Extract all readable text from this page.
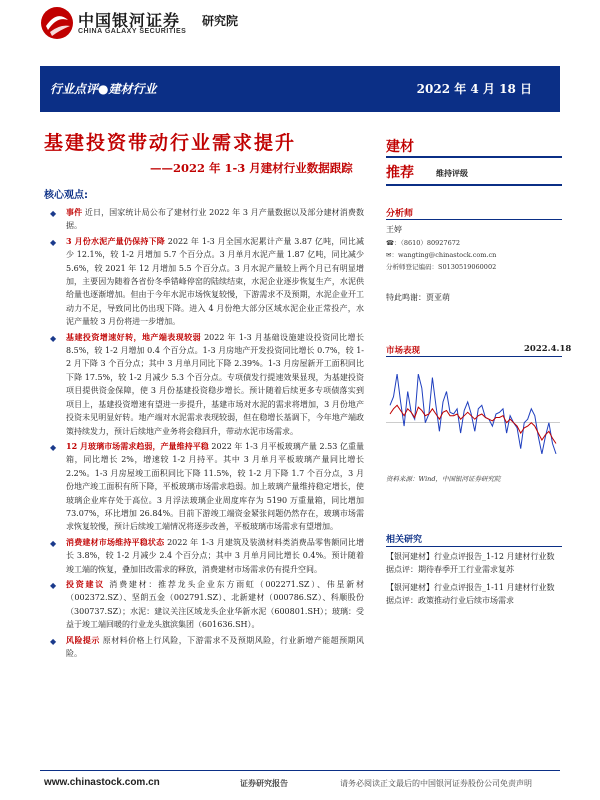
中国银河证券
CHINA GALAXY SECURITIES
研究院
行业点评●建材行业	2022 年 4 月 18 日
基建投资带动行业需求提升
——2022 年 1-3 月建材行业数据跟踪
建材
推荐	维持评级
核心观点:
◆ 事件 近日，国家统计局公布了建材行业 2022 年 3 月产量数据以及部分建材消费数据。
◆ 3 月份水泥产量仍保持下降 2022 年 1-3 月全国水泥累计产量 3.87 亿吨，同比减少 12.1%，较 1-2 月增加 5.7 个百分点。3 月单月水泥产量 1.87 亿吨，同比减少 5.6%，较 2021 年 12 月增加 5.5 个百分点。3 月水泥产量较上两个月已有明显增加，主要因为随着各省份冬季错峰停窑的陆续结束，水泥企业逐步恢复生产，水泥供给量也逐渐增加。但由于今年水泥市场恢复较慢，下游需求不及预期，水泥企业开工动力不足，导致同比仍出现下降。进入 4 月份绝大部分区域水泥企业正常投产，水泥产量较 3 月份将进一步增加。
◆ 基建投资增速好转，地产端表现较弱 2022 年 1-3 月基础设施建设投资同比增长 8.5%，较 1-2 月增加 0.4 个百分点。1-3 月房地产开发投资同比增长 0.7%，较 1-2 月下降 3 个百分点；其中 3 月单月同比下降 2.39%。1-3 月房屋新开工面积同比下降 17.5%，较 1-2 月减少 5.3 个百分点。专项债发行提速效果显现，为基建投资项目提供资金保障，使 3 月份基建投资稳步增长。预计随着后续更多专项债落实到项目上，基建投资增速有望进一步提升，基建市场对水泥的需求将增加，3 月份地产投资未见明显好转。地产端对水泥需求表现较弱，但在稳增长基调下，今年地产端政策持续发力，预计后续地产业务将会稳回升，带动水泥市场需求。
◆ 12 月玻璃市场需求趋弱，产量维持平稳 2022 年 1-3 月平板玻璃产量 2.53 亿重量箱，同比增长 2%，增速较 1-2 月持平。其中 3 月单月平板玻璃产量同比增长 2.2%。1-3 月房屋竣工面积同比下降 11.5%，较 1-2 月下降 1.7 个百分点，3 月份地产竣工面积有所下降，平板玻璃市场需求趋弱。加上玻璃产量维持稳定增长，使玻璃企业库存处于高位。3 月浮法玻璃企业周度库存为 5190 万重量箱，同比增加 73.07%，环比增加 26.84%。目前下游竣工端资金紧张问题仍然存在，玻璃市场需求恢复较慢，预计后续竣工端情况将逐步改善，平板玻璃市场需求有望增加。
◆ 消费建材市场维持平稳状态 2022 年 1-3 月建筑及装潢材料类消费品零售额同比增长 3.8%，较 1-2 月减少 2.4 个百分点；其中 3 月单月同比增长 0.4%。预计随着竣工端的恢复，叠加旧改需求的释放，消费建材市场需求仍有提升空间。
◆ 投资建议 消费建材：推荐龙头企业东方雨虹（002271.SZ）、伟星新材（002372.SZ）、坚朗五金（002791.SZ）、北新建材（000786.SZ）、科顺股份（300737.SZ）；水泥：建议关注区域龙头企业华新水泥（600801.SH）；玻璃：受益于竣工端回暖的行业龙头旗滨集团（601636.SH）。
◆ 风险提示 原材料价格上行风险，下游需求不及预期风险，行业新增产能超预期风险。
分析师
王婷
☎：（8610）80927672
✉：wangting@chinastock.com.cn
分析师登记编码：S0130519060002
特此鸣谢：贾亚萌
市场表现	2022.4.18
资料来源：Wind，中国银河证券研究院
相关研究
【银河建材】行业点评报告_1-12 月建材行业数据点评：期待春季开工行业需求复苏
【银河建材】行业点评报告_1-11 月建材行业数据点评：政策推动行业后续市场需求
www.chinastock.com.cn	证券研究报告	请务必阅读正文最后的中国银河证券股份公司免责声明
